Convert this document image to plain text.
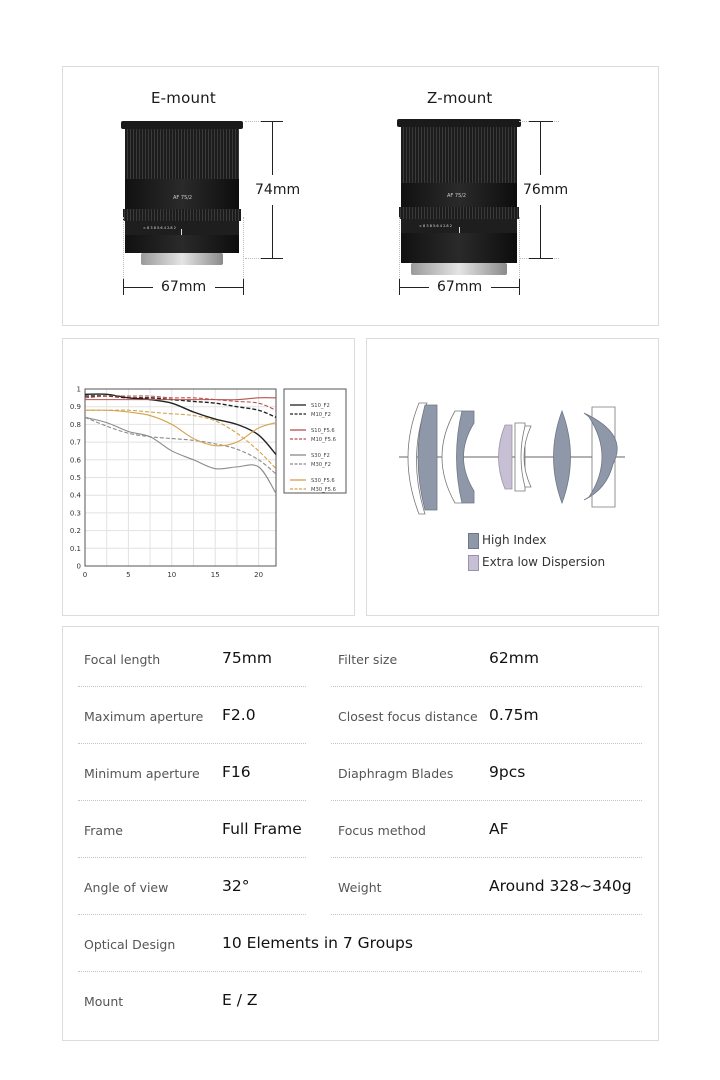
E-mount
AF 75/2
∞ 8 3 8 5.6 4 2.8 2
74mm
67mm
Z-mount
AF 75/2
∞ 8 3 8 5.6 4 2.8 2
76mm
67mm
0
0.1
0.2
0.3
0.4
0.5
0.6
0.7
0.8
0.9
1
0	5	10	15	20
S10_F2
M10_F2
S10_F5.6
M10_F5.6
S30_F2
M30_F2
S30_F5.6
M30_F5.6
High Index
Extra low Dispersion
Focal length	75mm	Filter size	62mm
Maximum aperture F2.0	Closest focus distance 0.75m
Minimum aperture F16	Diaphragm Blades 9pcs
Frame	Full Frame	Focus method	AF
Angle of view	32°	Weight	Around 328~340g
Optical Design	10 Elements in 7 Groups
Mount	E / Z
